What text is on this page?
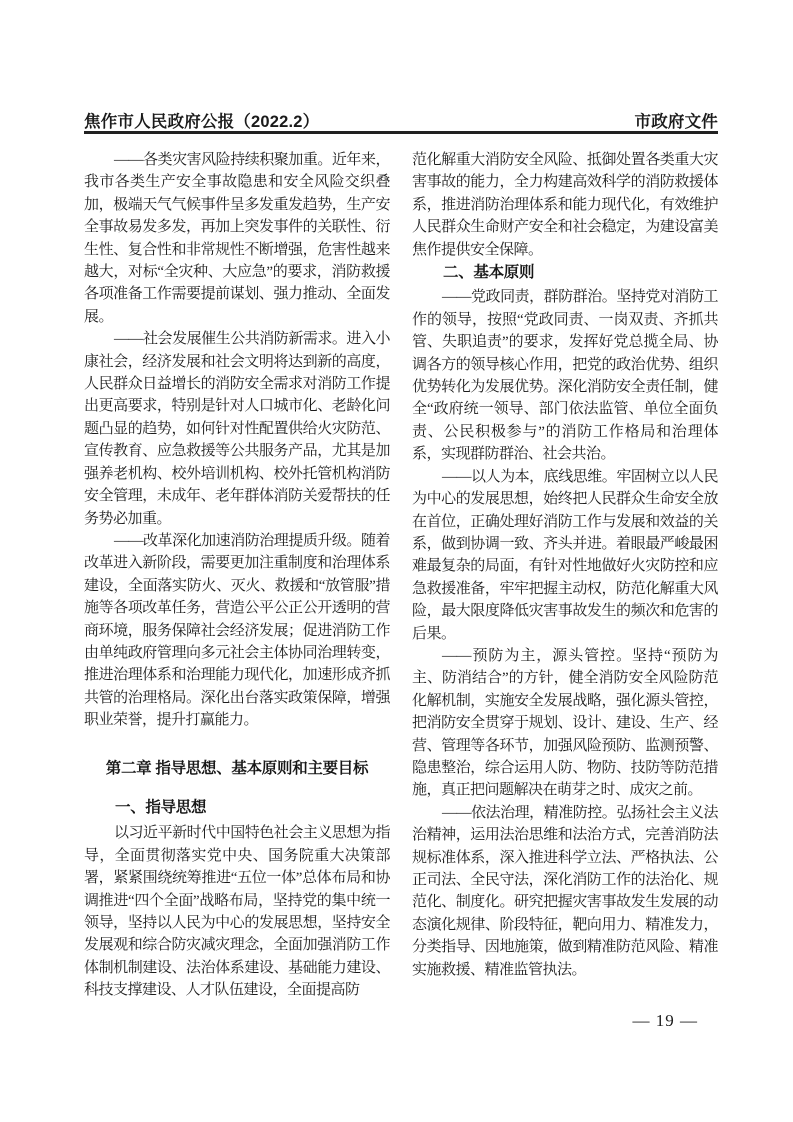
焦作市人民政府公报（2022.2）	市政府文件

——各类灾害风险持续积聚加重。近年来，我市各类生产安全事故隐患和安全风险交织叠加，极端天气气候事件呈多发重发趋势，生产安全事故易发多发，再加上突发事件的关联性、衍生性、复合性和非常规性不断增强，危害性越来越大，对标“全灾种、大应急”的要求，消防救援各项准备工作需要提前谋划、强力推动、全面发展。

——社会发展催生公共消防新需求。进入小康社会，经济发展和社会文明将达到新的高度，人民群众日益增长的消防安全需求对消防工作提出更高要求，特别是针对人口城市化、老龄化问题凸显的趋势，如何针对性配置供给火灾防范、宣传教育、应急救援等公共服务产品，尤其是加强养老机构、校外培训机构、校外托管机构消防安全管理，未成年、老年群体消防关爱帮扶的任务势必加重。

——改革深化加速消防治理提质升级。随着改革进入新阶段，需要更加注重制度和治理体系建设，全面落实防火、灭火、救援和“放管服”措施等各项改革任务，营造公平公正公开透明的营商环境，服务保障社会经济发展；促进消防工作由单纯政府管理向多元社会主体协同治理转变，推进治理体系和治理能力现代化，加速形成齐抓共管的治理格局。深化出台落实政策保障，增强职业荣誉，提升打赢能力。

第二章 指导思想、基本原则和主要目标
一、指导思想

以习近平新时代中国特色社会主义思想为指导，全面贯彻落实党中央、国务院重大决策部署，紧紧围绕统筹推进“五位一体”总体布局和协调推进“四个全面”战略布局，坚持党的集中统一领导，坚持以人民为中心的发展思想，坚持安全发展观和综合防灾减灾理念，全面加强消防工作体制机制建设、法治体系建设、基础能力建设、科技支撑建设、人才队伍建设，全面提高防

范化解重大消防安全风险、抵御处置各类重大灾害事故的能力，全力构建高效科学的消防救援体系，推进消防治理体系和能力现代化，有效维护人民群众生命财产安全和社会稳定，为建设富美焦作提供安全保障。

二、基本原则

——党政同责，群防群治。坚持党对消防工作的领导，按照“党政同责、一岗双责、齐抓共管、失职追责”的要求，发挥好党总揽全局、协调各方的领导核心作用，把党的政治优势、组织优势转化为发展优势。深化消防安全责任制，健全“政府统一领导、部门依法监管、单位全面负责、公民积极参与”的消防工作格局和治理体系，实现群防群治、社会共治。

——以人为本，底线思维。牢固树立以人民为中心的发展思想，始终把人民群众生命安全放在首位，正确处理好消防工作与发展和效益的关系，做到协调一致、齐头并进。着眼最严峻最困难最复杂的局面，有针对性地做好火灾防控和应急救援准备，牢牢把握主动权，防范化解重大风险，最大限度降低灾害事故发生的频次和危害的后果。

——预防为主，源头管控。坚持“预防为主、防消结合”的方针，健全消防安全风险防范化解机制，实施安全发展战略，强化源头管控，把消防安全贯穿于规划、设计、建设、生产、经营、管理等各环节，加强风险预防、监测预警、隐患整治，综合运用人防、物防、技防等防范措施，真正把问题解决在萌芽之时、成灾之前。

——依法治理，精准防控。弘扬社会主义法治精神，运用法治思维和法治方式，完善消防法规标准体系，深入推进科学立法、严格执法、公正司法、全民守法，深化消防工作的法治化、规范化、制度化。研究把握灾害事故发生发展的动态演化规律、阶段特征，靶向用力、精准发力，分类指导、因地施策，做到精准防范风险、精准实施救援、精准监管执法。

— 19 —
